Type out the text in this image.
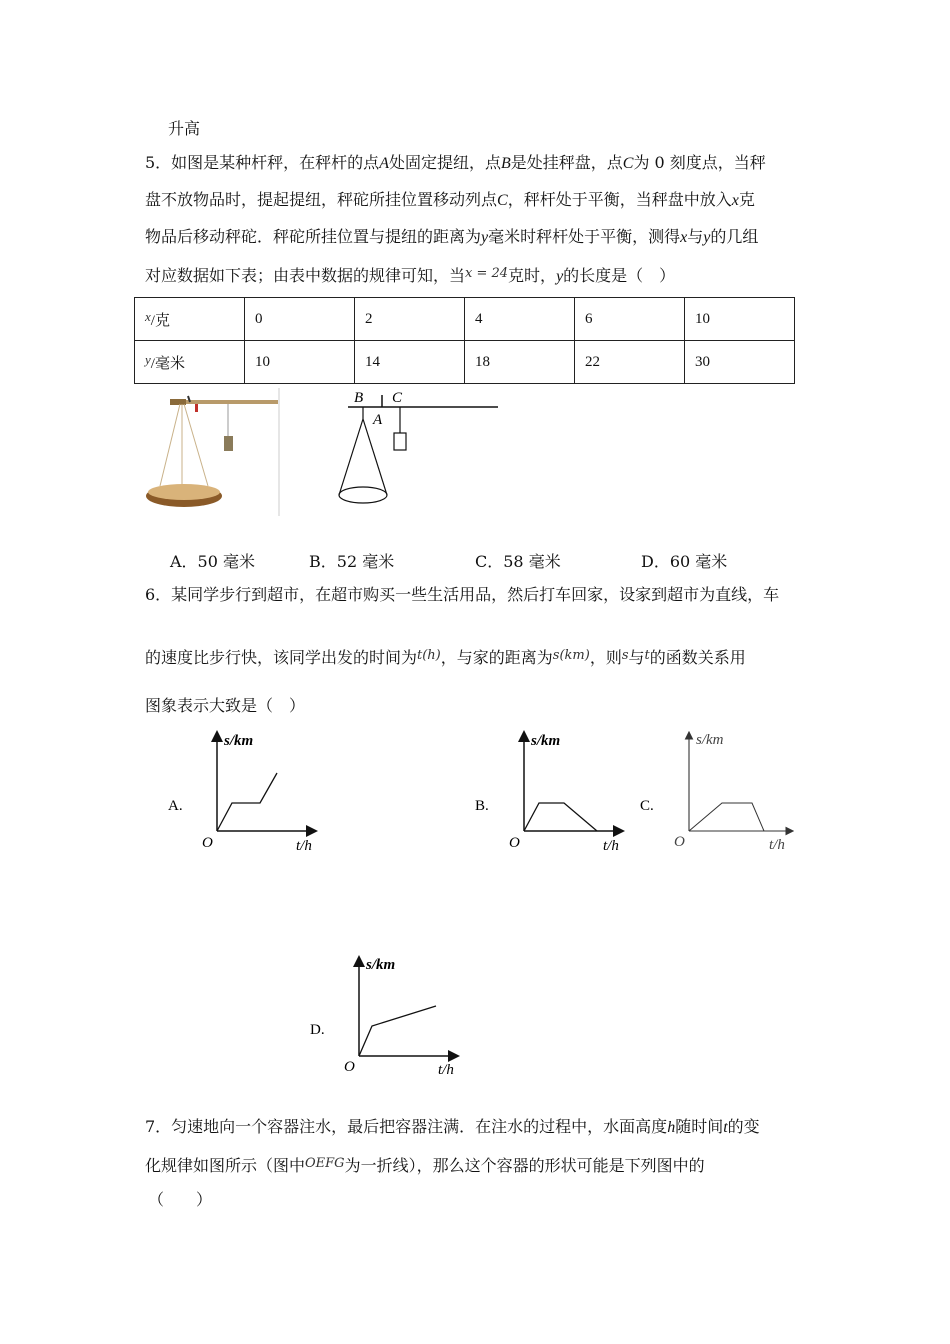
升高
5．如图是某种杆秤，在秤杆的点A处固定提纽，点B是处挂秤盘，点C为 0 刻度点，当秤
盘不放物品时，提起提纽，秤砣所挂位置移动列点C，秤杆处于平衡，当秤盘中放入x克
物品后移动秤砣．秤砣所挂位置与提纽的距离为y毫米时秤杆处于平衡，测得x与y的几组
对应数据如下表；由表中数据的规律可知，当$^{x = 24}$克时，y的长度是（　）
x/克	0	2	4	6	10
y/毫米	10	14	18	22	30
B C
A
A．50 毫米	B．52 毫米	C．58 毫米	D．60 毫米
6．某同学步行到超市，在超市购买一些生活用品，然后打车回家，设家到超市为直线，车
的速度比步行快，该同学出发的时间为$^{t(h)}$，与家的距离为$^{s(km)}$，则$^s$与$^t$的函数关系用
图象表示大致是（　）
A.
s/km
t/h
O
B.
s/km
t/h
O
C.
s/km
t/h
O
D.
s/km
t/h
O
7．匀速地向一个容器注水，最后把容器注满．在注水的过程中，水面高度h随时间t的变
化规律如图所示（图中$^{OEFG}$为一折线），那么这个容器的形状可能是下列图中的
（　　）
